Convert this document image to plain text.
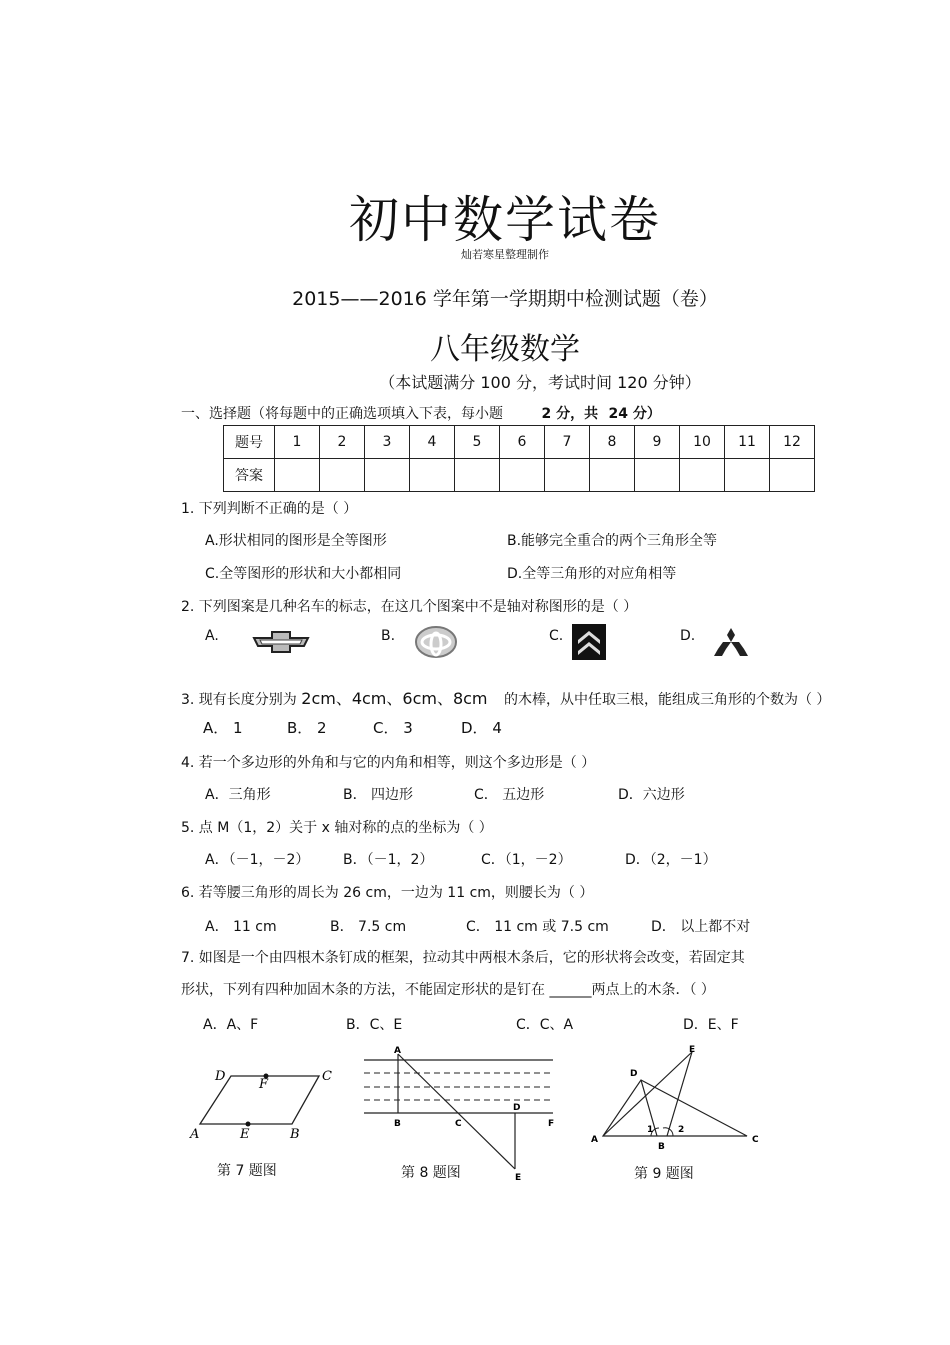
初中数学试卷
灿若寒星整理制作
2015——2016 学年第一学期期中检测试题（卷）
八年级数学
（本试题满分 100 分，考试时间 120 分钟）
一、选择题（将每题中的正确选项填入下表，每小题	2 分，共 24 分）
题号	1	2	3	4	5	6	7	8	9	10	11	12
答案												
1. 下列判断不正确的是（ ）
A.形状相同的图形是全等图形	B.能够完全重合的两个三角形全等
C.全等图形的形状和大小都相同	D.全等三角形的对应角相等
2. 下列图案是几种名车的标志，在这几个图案中不是轴对称图形的是（ ）
A.	B.	C.	D.
3. 现有长度分别为 2cm、4cm、6cm、8cm 的木棒，从中任取三根，能组成三角形的个数为（ ）
A． 1	B． 2	C． 3	D． 4
4. 若一个多边形的外角和与它的内角和相等，则这个多边形是（ ）
A．三角形	B． 四边形	C． 五边形	D．六边形
5. 点 M（1，2）关于 x 轴对称的点的坐标为（ ）
A．（－1，－2） B．（－1，2）	C．（1，－2）	D．（2，－1）
6. 若等腰三角形的周长为 26 cm，一边为 11 cm，则腰长为（ ）
A． 11 cm	B． 7.5 cm	C． 11 cm 或 7.5 cm	D． 以上都不对
7. 如图是一个由四根木条钉成的框架，拉动其中两根木条后，它的形状将会改变，若固定其
形状，下列有四种加固木条的方法，不能固定形状的是钉在 ______两点上的木条．（ ）
A．A、F	B．C、E	C．C、A	D．E、F
D	C
F
A	E	B
第 7 题图
A
B	C
D
F
E
第 8 题图
E
D
A	C
B
1	2
第 9 题图
